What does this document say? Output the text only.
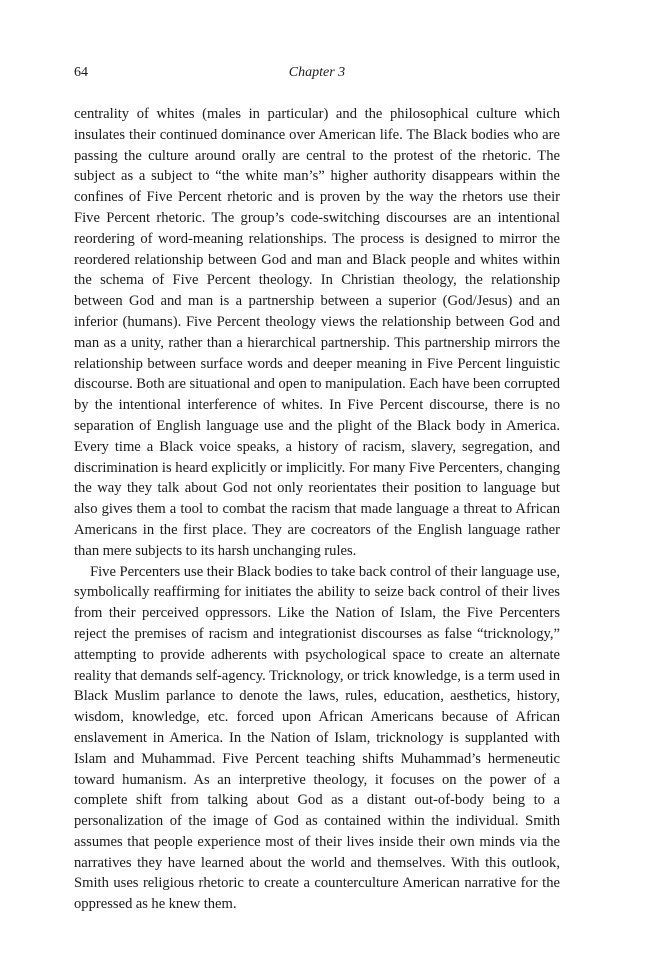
64	Chapter 3

centrality of whites (males in particular) and the philosophical culture which insulates their continued dominance over American life. The Black bodies who are passing the culture around orally are central to the protest of the rhetoric. The subject as a subject to “the white man’s” higher authority disappears within the confines of Five Percent rhetoric and is proven by the way the rhetors use their Five Percent rhetoric. The group’s code-switching discourses are an intentional reordering of word-meaning relationships. The process is designed to mirror the reordered relationship between God and man and Black people and whites within the schema of Five Percent theology. In Christian theology, the relationship between God and man is a partnership between a superior (God/Jesus) and an inferior (humans). Five Percent theology views the relationship between God and man as a unity, rather than a hierarchical partnership. This partnership mirrors the relationship between surface words and deeper meaning in Five Percent linguistic discourse. Both are situational and open to manipulation. Each have been corrupted by the intentional interference of whites. In Five Percent discourse, there is no separation of English language use and the plight of the Black body in America. Every time a Black voice speaks, a history of racism, slavery, segregation, and discrimination is heard explicitly or implicitly. For many Five Percenters, changing the way they talk about God not only reorientates their position to language but also gives them a tool to combat the racism that made language a threat to African Americans in the first place. They are cocreators of the English language rather than mere subjects to its harsh unchanging rules.

Five Percenters use their Black bodies to take back control of their language use, symbolically reaffirming for initiates the ability to seize back control of their lives from their perceived oppressors. Like the Nation of Islam, the Five Percenters reject the premises of racism and integrationist discourses as false “tricknology,” attempting to provide adherents with psychological space to create an alternate reality that demands self-agency. Tricknology, or trick knowledge, is a term used in Black Muslim parlance to denote the laws, rules, education, aesthetics, history, wisdom, knowledge, etc. forced upon African Americans because of African enslavement in America. In the Nation of Islam, tricknology is supplanted with Islam and Muhammad. Five Percent teaching shifts Muhammad’s hermeneutic toward humanism. As an interpretive theology, it focuses on the power of a complete shift from talking about God as a distant out-of-body being to a personalization of the image of God as contained within the individual. Smith assumes that people experience most of their lives inside their own minds via the narratives they have learned about the world and themselves. With this outlook, Smith uses religious rhetoric to create a counterculture American narrative for the oppressed as he knew them.
